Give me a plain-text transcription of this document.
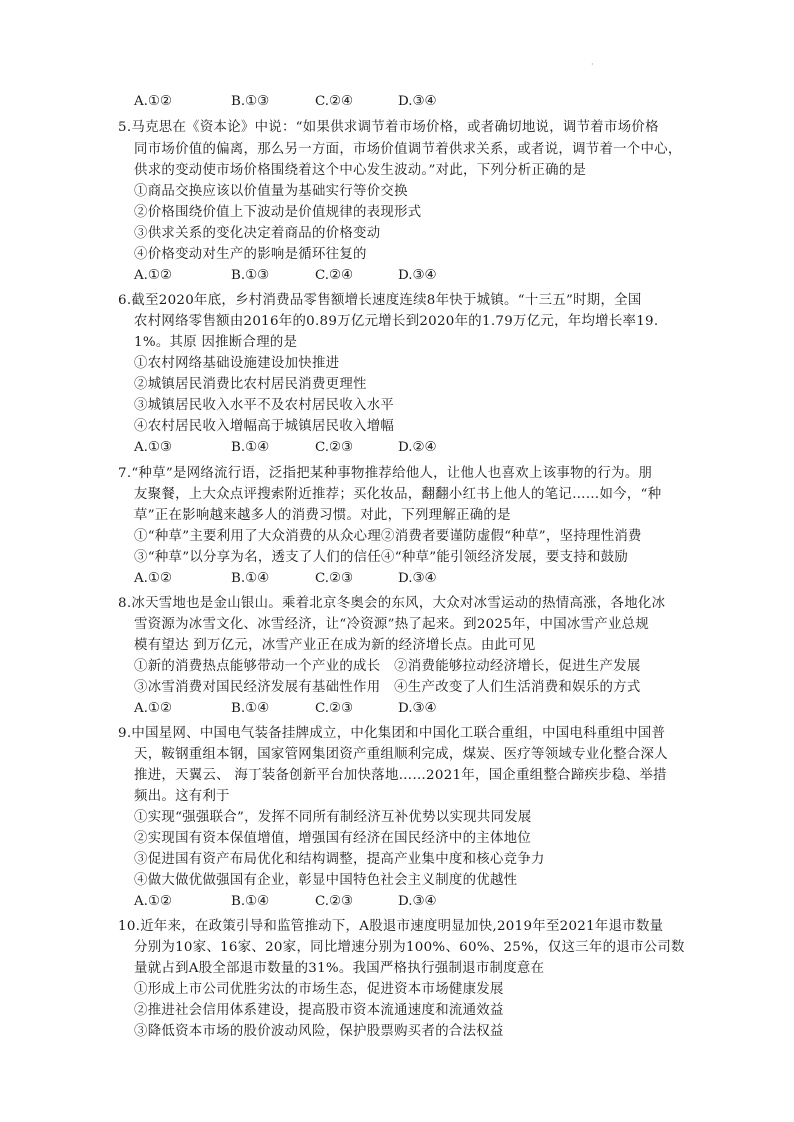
·
A.①②	B.①③	C.②④	D.③④
5.马克思在《资本论》中说：“如果供求调节着市场价格，或者确切地说，调节着市场价格
同市场价值的偏离，那么另一方面，市场价值调节着供求关系，或者说，调节着一个中心，
供求的变动使市场价格围绕着这个中心发生波动。”对此，下列分析正确的是
①商品交换应该以价值量为基础实行等价交换
②价格围绕价值上下波动是价值规律的表现形式
③供求关系的变化决定着商品的价格变动
④价格变动对生产的影响是循环往复的
A.①②	B.①③	C.②④	D.③④
6.截至2020年底，乡村消费品零售额增长速度连续8年快于城镇。“十三五”时期，全国
农村网络零售额由2016年的0.89万亿元增长到2020年的1.79万亿元，年均增长率19.
1%。其原 因推断合理的是
①农村网络基础设施建设加快推进
②城镇居民消费比农村居民消费更理性
③城镇居民收入水平不及农村居民收入水平
④农村居民收入增幅高于城镇居民收入增幅
A.①③	B.①④	C.②③	D.②④
7.“种草”是网络流行语，泛指把某种事物推荐给他人，让他人也喜欢上该事物的行为。朋
友聚餐，上大众点评搜索附近推荐；买化妆品，翻翻小红书上他人的笔记……如今，“种
草”正在影响越来越多人的消费习惯。对此，下列理解正确的是
①“种草”主要利用了大众消费的从众心理②消费者要谨防虚假“种草”，坚持理性消费
③“种草”以分享为名，透支了人们的信任④“种草”能引领经济发展，要支持和鼓励
A.①②	B.①④	C.②③	D.③④
8.冰天雪地也是金山银山。乘着北京冬奥会的东风，大众对冰雪运动的热情高涨，各地化冰
雪资源为冰雪文化、冰雪经济，让“冷资源”热了起来。到2025年，中国冰雪产业总规
模有望达 到万亿元，冰雪产业正在成为新的经济增长点。由此可见
①新的消费热点能够带动一个产业的成长　②消费能够拉动经济增长，促进生产发展
③冰雪消费对国民经济发展有基础性作用　④生产改变了人们生活消费和娱乐的方式
A.①②	B.①④	C.②③	D.③④
9.中国星网、中国电气装备挂牌成立，中化集团和中国化工联合重组，中国电科重组中国普
天，鞍钢重组本钢，国家管网集团资产重组顺利完成，煤炭、医疗等领域专业化整合深人
推进，天翼云、 海丁装备创新平台加快落地……2021年，国企重组整合蹄疾步稳、举措
频出。这有利于
①实现“强强联合”，发挥不同所有制经济互补优势以实现共同发展
②实现国有资本保值增值，增强国有经济在国民经济中的主体地位
③促进国有资产布局优化和结构调整，提高产业集中度和核心竞争力
④做大做优做强国有企业，彰显中国特色社会主义制度的优越性
A.①②	B.①④	C.②③	D.③④
10.近年来，在政策引导和监管推动下，A股退市速度明显加快,2019年至2021年退市数量
分别为10家、16家、20家，同比增速分别为100%、60%、25%，仅这三年的退市公司数
量就占到A股全部退市数量的31%。我国严格执行强制退市制度意在
①形成上市公司优胜劣汰的市场生态，促进资本市场健康发展
②推进社会信用体系建设，提高股市资本流通速度和流通效益
③降低资本市场的股价波动风险，保护股票购买者的合法权益
